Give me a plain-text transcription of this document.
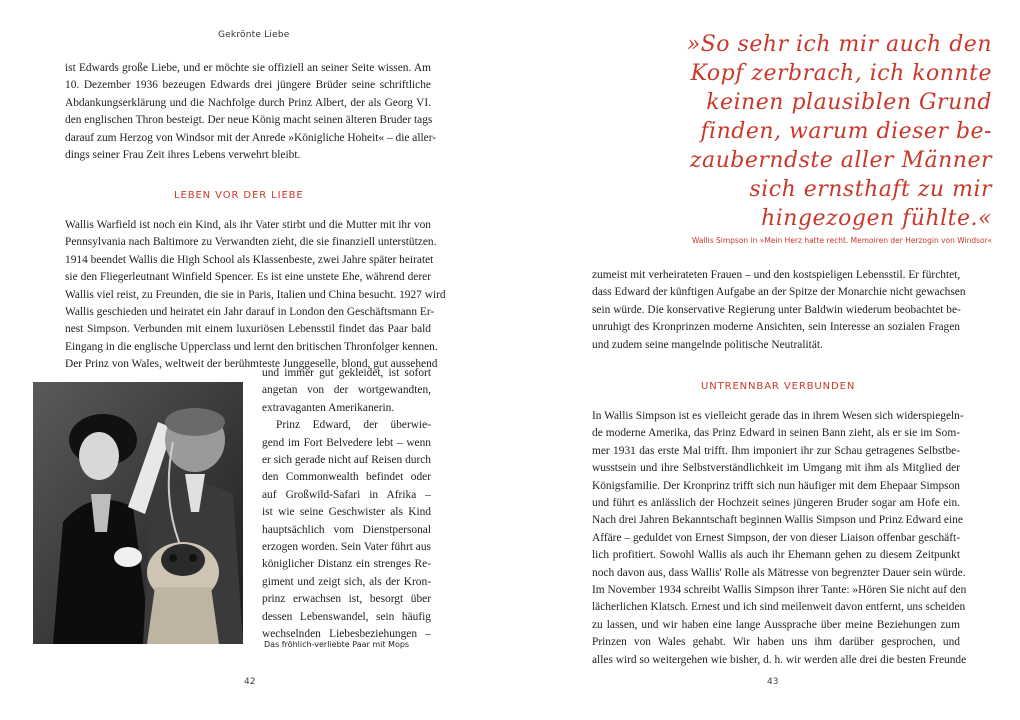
Gekrönte Liebe
ist Edwards große Liebe, und er möchte sie offiziell an seiner Seite wissen. Am
10. Dezember 1936 bezeugen Edwards drei jüngere Brüder seine schriftliche
Abdankungserklärung und die Nachfolge durch Prinz Albert, der als Georg VI.
den englischen Thron besteigt. Der neue König macht seinen älteren Bruder tags
darauf zum Herzog von Windsor mit der Anrede »Königliche Hoheit« – die aller-
dings seiner Frau Zeit ihres Lebens verwehrt bleibt.
LEBEN VOR DER LIEBE
Wallis Warfield ist noch ein Kind, als ihr Vater stirbt und die Mutter mit ihr von
Pennsylvania nach Baltimore zu Verwandten zieht, die sie finanziell unterstützen.
1914 beendet Wallis die High School als Klassenbeste, zwei Jahre später heiratet
sie den Fliegerleutnant Winfield Spencer. Es ist eine unstete Ehe, während derer
Wallis viel reist, zu Freunden, die sie in Paris, Italien und China besucht. 1927 wird
Wallis geschieden und heiratet ein Jahr darauf in London den Geschäftsmann Er-
nest Simpson. Verbunden mit einem luxuriösen Lebensstil findet das Paar bald
Eingang in die englische Upperclass und lernt den britischen Thronfolger kennen.
Der Prinz von Wales, weltweit der berühmteste Junggeselle, blond, gut aussehend
und immer gut gekleidet, ist sofort
angetan von der wortgewandten,
extravaganten Amerikanerin.
Prinz Edward, der überwie-
gend im Fort Belvedere lebt – wenn
er sich gerade nicht auf Reisen durch
den Commonwealth befindet oder
auf Großwild-Safari in Afrika –
ist wie seine Geschwister als Kind
hauptsächlich vom Dienstpersonal
erzogen worden. Sein Vater führt aus
königlicher Distanz ein strenges Re-
giment und zeigt sich, als der Kron-
prinz erwachsen ist, besorgt über
dessen Lebenswandel, sein häufig
wechselnden Liebesbeziehungen –
Das fröhlich-verliebte Paar mit Mops
42
»So sehr ich mir auch den
Kopf zerbrach, ich konnte
keinen plausiblen Grund
finden, warum dieser be-
zauberndste aller Männer
sich ernsthaft zu mir
hingezogen fühlte.«
Wallis Simpson in »Mein Herz hatte recht. Memoiren der Herzogin von Windsor«
zumeist mit verheirateten Frauen – und den kostspieligen Lebensstil. Er fürchtet,
dass Edward der künftigen Aufgabe an der Spitze der Monarchie nicht gewachsen
sein würde. Die konservative Regierung unter Baldwin wiederum beobachtet be-
unruhigt des Kronprinzen moderne Ansichten, sein Interesse an sozialen Fragen
und zudem seine mangelnde politische Neutralität.
UNTRENNBAR VERBUNDEN
In Wallis Simpson ist es vielleicht gerade das in ihrem Wesen sich widerspiegeln-
de moderne Amerika, das Prinz Edward in seinen Bann zieht, als er sie im Som-
mer 1931 das erste Mal trifft. Ihm imponiert ihr zur Schau getragenes Selbstbe-
wusstsein und ihre Selbstverständlichkeit im Umgang mit ihm als Mitglied der
Königsfamilie. Der Kronprinz trifft sich nun häufiger mit dem Ehepaar Simpson
und führt es anlässlich der Hochzeit seines jüngeren Bruder sogar am Hofe ein.
Nach drei Jahren Bekanntschaft beginnen Wallis Simpson und Prinz Edward eine
Affäre – geduldet von Ernest Simpson, der von dieser Liaison offenbar geschäft-
lich profitiert. Sowohl Wallis als auch ihr Ehemann gehen zu diesem Zeitpunkt
noch davon aus, dass Wallis' Rolle als Mätresse von begrenzter Dauer sein würde.
Im November 1934 schreibt Wallis Simpson ihrer Tante: »Hören Sie nicht auf den
lächerlichen Klatsch. Ernest und ich sind meilenweit davon entfernt, uns scheiden
zu lassen, und wir haben eine lange Aussprache über meine Beziehungen zum
Prinzen von Wales gehabt. Wir haben uns ihm darüber gesprochen, und
alles wird so weitergehen wie bisher, d. h. wir werden alle drei die besten Freunde
43
